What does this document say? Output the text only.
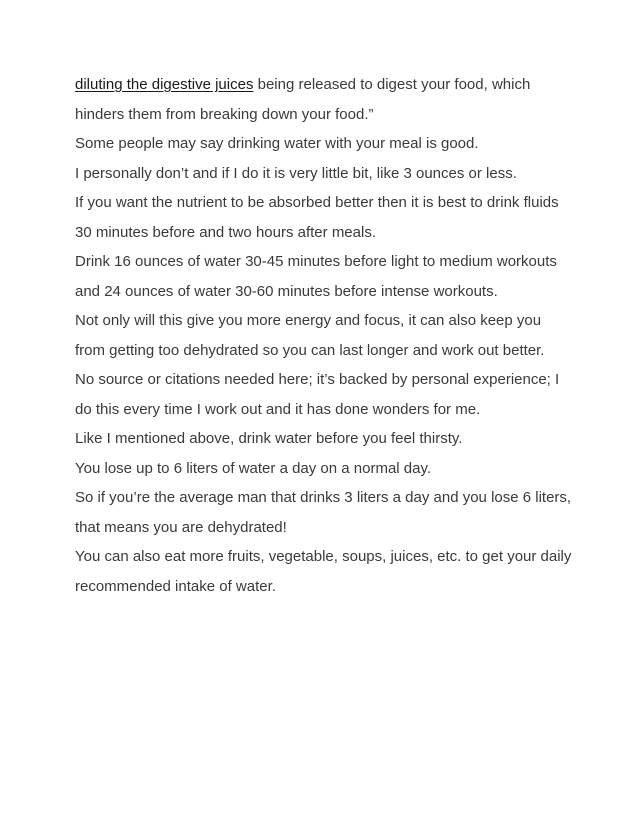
diluting the digestive juices being released to digest your food, which hinders them from breaking down your food.”

Some people may say drinking water with your meal is good.

I personally don’t and if I do it is very little bit, like 3 ounces or less.

If you want the nutrient to be absorbed better then it is best to drink fluids 30 minutes before and two hours after meals.

Drink 16 ounces of water 30-45 minutes before light to medium workouts and 24 ounces of water 30-60 minutes before intense workouts.

Not only will this give you more energy and focus, it can also keep you from getting too dehydrated so you can last longer and work out better.

No source or citations needed here; it’s backed by personal experience; I do this every time I work out and it has done wonders for me.

Like I mentioned above, drink water before you feel thirsty.

You lose up to 6 liters of water a day on a normal day.

So if you’re the average man that drinks 3 liters a day and you lose 6 liters, that means you are dehydrated!

You can also eat more fruits, vegetable, soups, juices, etc. to get your daily recommended intake of water.
